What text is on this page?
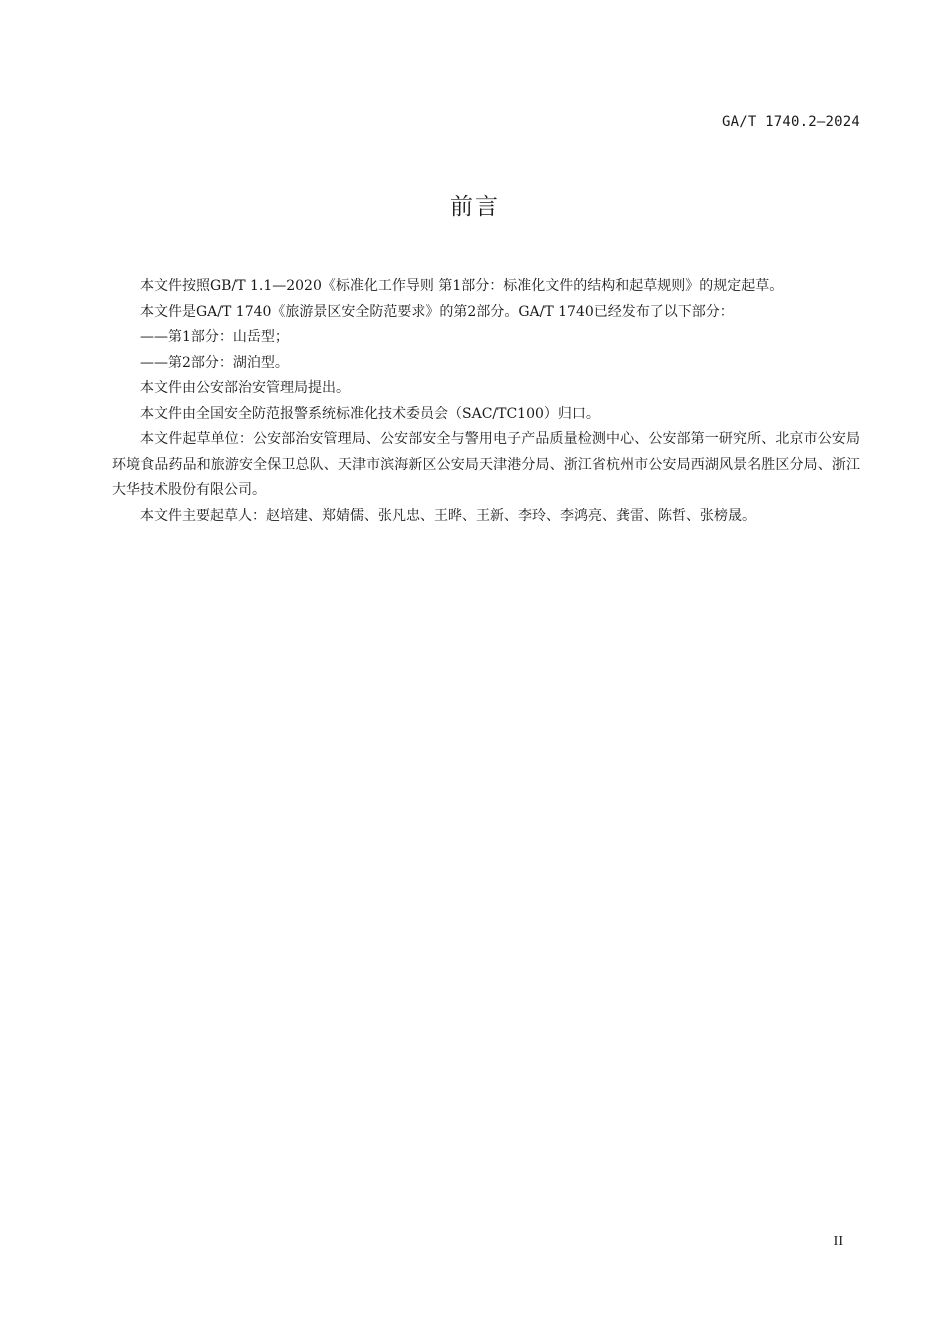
GA/T 1740.2—2024
前言

本文件按照GB/T 1.1—2020《标准化工作导则 第1部分：标准化文件的结构和起草规则》的规定起草。

本文件是GA/T 1740《旅游景区安全防范要求》的第2部分。GA/T 1740已经发布了以下部分：

——第1部分：山岳型；

——第2部分：湖泊型。

本文件由公安部治安管理局提出。

本文件由全国安全防范报警系统标准化技术委员会（SAC/TC100）归口。

本文件起草单位：公安部治安管理局、公安部安全与警用电子产品质量检测中心、公安部第一研究所、北京市公安局环境食品药品和旅游安全保卫总队、天津市滨海新区公安局天津港分局、浙江省杭州市公安局西湖风景名胜区分局、浙江大华技术股份有限公司。

本文件主要起草人：赵培建、郑婧儒、张凡忠、王晔、王新、李玲、李鸿亮、龚雷、陈哲、张榜晟。

II
